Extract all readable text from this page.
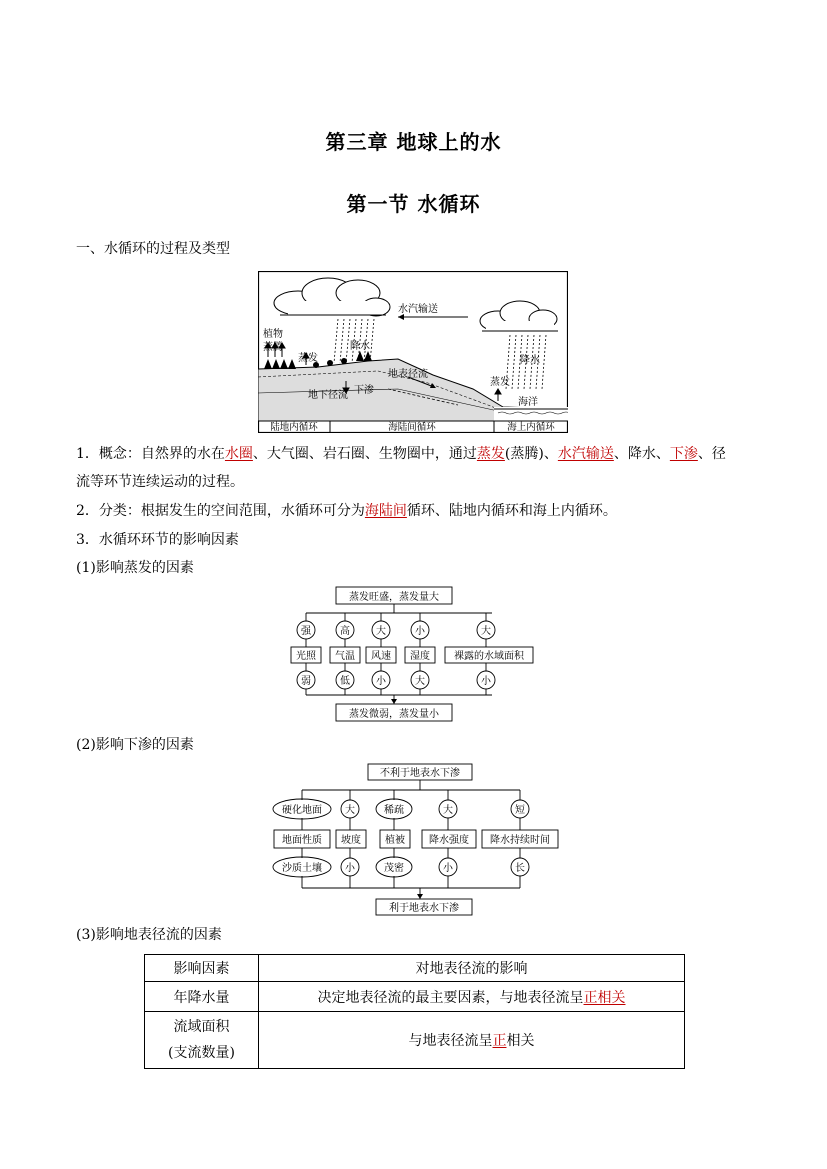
第三章 地球上的水
第一节 水循环
一、水循环的过程及类型
水汽输送
植物
蒸腾
蒸发
降水
地表径流
下渗
地下径流
蒸发
降水
海洋
陆地内循环	海陆间循环	海上内循环
1．概念：自然界的水在水圈、大气圈、岩石圈、生物圈中，通过蒸发(蒸腾)、水汽输送、降水、下渗、径
流等环节连续运动的过程。
2．分类：根据发生的空间范围，水循环可分为海陆间循环、陆地内循环和海上内循环。
3．水循环环节的影响因素
(1)影响蒸发的因素
蒸发旺盛，蒸发量大
蒸发微弱，蒸发量小
强	高	大	小	大
光照 气温 风速 湿度 裸露的水域面积
弱	低	小	大	小
(2)影响下渗的因素
不利于地表水下渗
利于地表水下渗
硬化地面 大	稀疏	大	短
地面性质 坡度 植被 降水强度 降水持续时间
沙质土壤 小	茂密	小	长
(3)影响地表径流的因素
影响因素	对地表径流的影响
年降水量	决定地表径流的最主要因素，与地表径流呈正相关

流域面积
(支流数量)	与地表径流呈正相关
